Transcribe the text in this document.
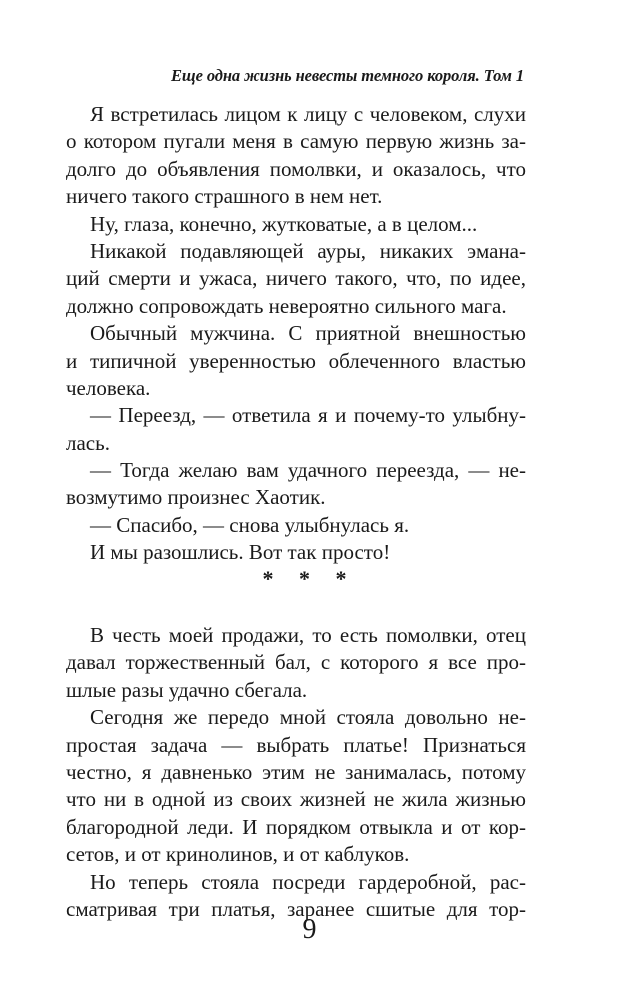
Еще одна жизнь невесты темного короля. Том 1
Я встретилась лицом к лицу с человеком, слухи
о котором пугали меня в самую первую жизнь за-
долго до объявления помолвки, и оказалось, что
ничего такого страшного в нем нет.
Ну, глаза, конечно, жутковатые, а в целом...
Никакой подавляющей ауры, никаких эмана-
ций смерти и ужаса, ничего такого, что, по идее,
должно сопровождать невероятно сильного мага.
Обычный мужчина. С приятной внешностью
и типичной уверенностью облеченного властью
человека.
— Переезд, — ответила я и почему-то улыбну-
лась.
— Тогда желаю вам удачного переезда, — не-
возмутимо произнес Хаотик.
— Спасибо, — снова улыбнулась я.
И мы разошлись. Вот так просто!
* * *
В честь моей продажи, то есть помолвки, отец
давал торжественный бал, с которого я все про-
шлые разы удачно сбегала.
Сегодня же передо мной стояла довольно не-
простая задача — выбрать платье! Признаться
честно, я давненько этим не занималась, потому
что ни в одной из своих жизней не жила жизнью
благородной леди. И порядком отвыкла и от кор-
сетов, и от кринолинов, и от каблуков.
Но теперь стояла посреди гардеробной, рас-
сматривая три платья, заранее сшитые для тор-
9
